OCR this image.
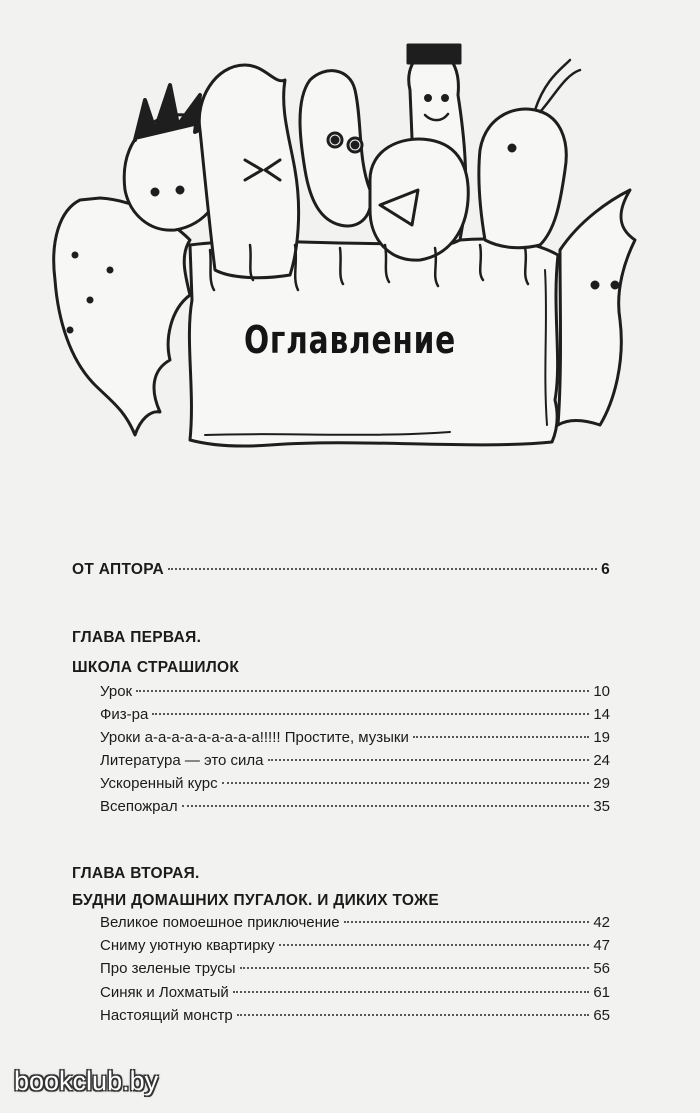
Оглавление
ОТ АПТОРА	6
ГЛАВА ПЕРВАЯ.
ШКОЛА СТРАШИЛОК
Урок	10
Физ-ра	14
Уроки а-а-а-а-а-а-а-а-а!!!!! Простите, музыки	19
Литература — это сила	24
Ускоренный курс	29
Всепожрал	35
ГЛАВА ВТОРАЯ.
БУДНИ ДОМАШНИХ ПУГАЛОК. И ДИКИХ ТОЖЕ
Великое помоешное приключение	42
Сниму уютную квартирку	47
Про зеленые трусы	56
Синяк и Лохматый	61
Настоящий монстр	65
bookclub.by
